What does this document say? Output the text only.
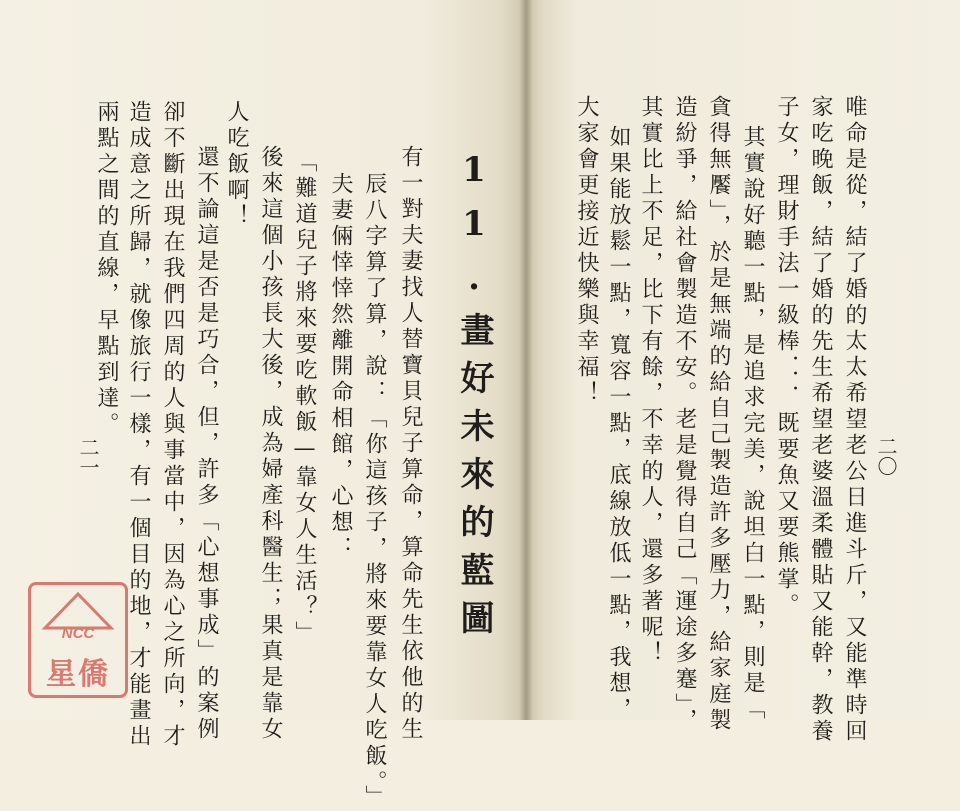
11.畫好未來的藍圖
有一對夫妻找人替寶貝兒子算命，算命先生依他的生
辰八字算了算，說：「你這孩子，將來要靠女人吃飯。」
夫妻倆悻悻然離開命相館，心想：
「難道兒子將來要吃軟飯—靠女人生活？」
後來這個小孩長大後，成為婦產科醫生；果真是靠女
人吃飯啊！
還不論這是否是巧合，但，許多「心想事成」的案例
卻不斷出現在我們四周的人與事當中，因為心之所向，才
造成意之所歸，就像旅行一樣，有一個目的地，才能畫出
兩點之間的直線，早點到達。
二一
NCC
星僑
二〇
唯命是從，結了婚的太太希望老公日進斗斤，又能準時回
家吃晚飯，結了婚的先生希望老婆溫柔體貼又能幹，教養
子女，理財手法一級棒．．．既要魚又要熊掌。
其實說好聽一點，是追求完美，說坦白一點，則是「
貪得無饜」，於是無端的給自己製造許多壓力，給家庭製
造紛爭，給社會製造不安。老是覺得自己「運途多蹇」，
其實比上不足，比下有餘，不幸的人，還多著呢！
如果能放鬆一點，寬容一點，底線放低一點，我想，
大家會更接近快樂與幸福！
